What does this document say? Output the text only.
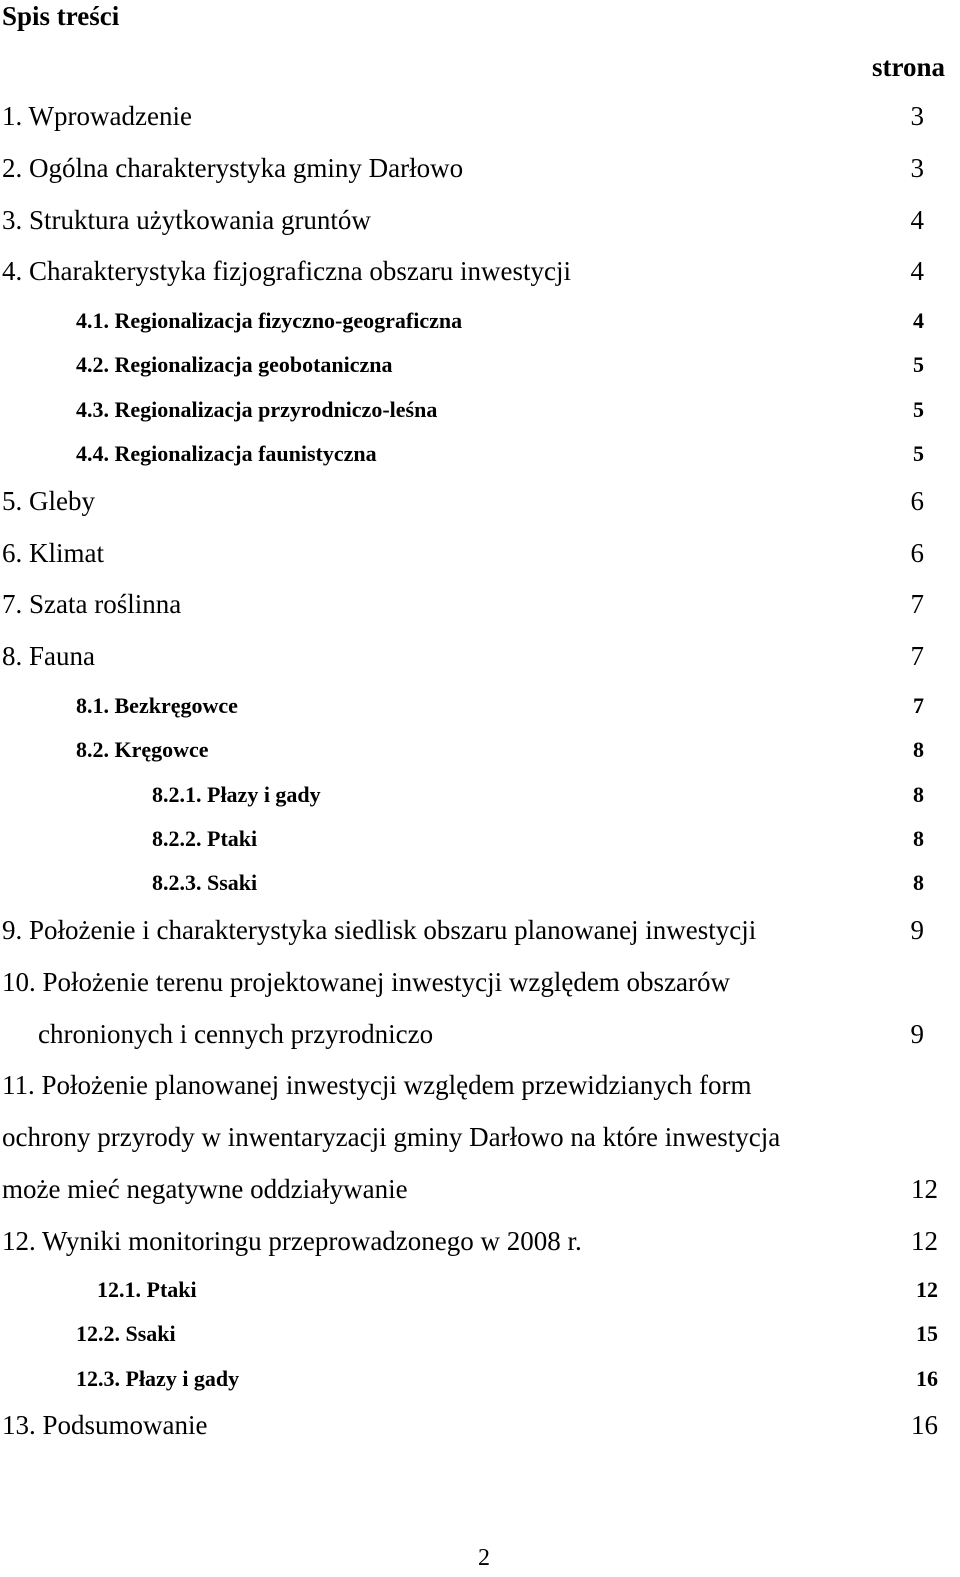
Spis treści
strona
2
1. Wprowadzenie	3
2. Ogólna charakterystyka gminy Darłowo	3
3. Struktura użytkowania gruntów	4
4. Charakterystyka fizjograficzna obszaru inwestycji	4
4.1. Regionalizacja fizyczno-geograficzna	4
4.2. Regionalizacja geobotaniczna	5
4.3. Regionalizacja przyrodniczo-leśna	5
4.4. Regionalizacja faunistyczna	5
5. Gleby	6
6. Klimat	6
7. Szata roślinna	7
8. Fauna	7
8.1. Bezkręgowce	7
8.2. Kręgowce	8
8.2.1. Płazy i gady	8
8.2.2. Ptaki	8
8.2.3. Ssaki	8
9. Położenie i charakterystyka siedlisk obszaru planowanej inwestycji	9
10. Położenie terenu projektowanej inwestycji względem obszarów
chronionych i cennych przyrodniczo	9
11. Położenie planowanej inwestycji względem przewidzianych form
ochrony przyrody w inwentaryzacji gminy Darłowo na które inwestycja
może mieć negatywne oddziaływanie	12
12. Wyniki monitoringu przeprowadzonego w 2008 r.	12
12.1. Ptaki	12
12.2. Ssaki	15
12.3. Płazy i gady	16
13. Podsumowanie	16
